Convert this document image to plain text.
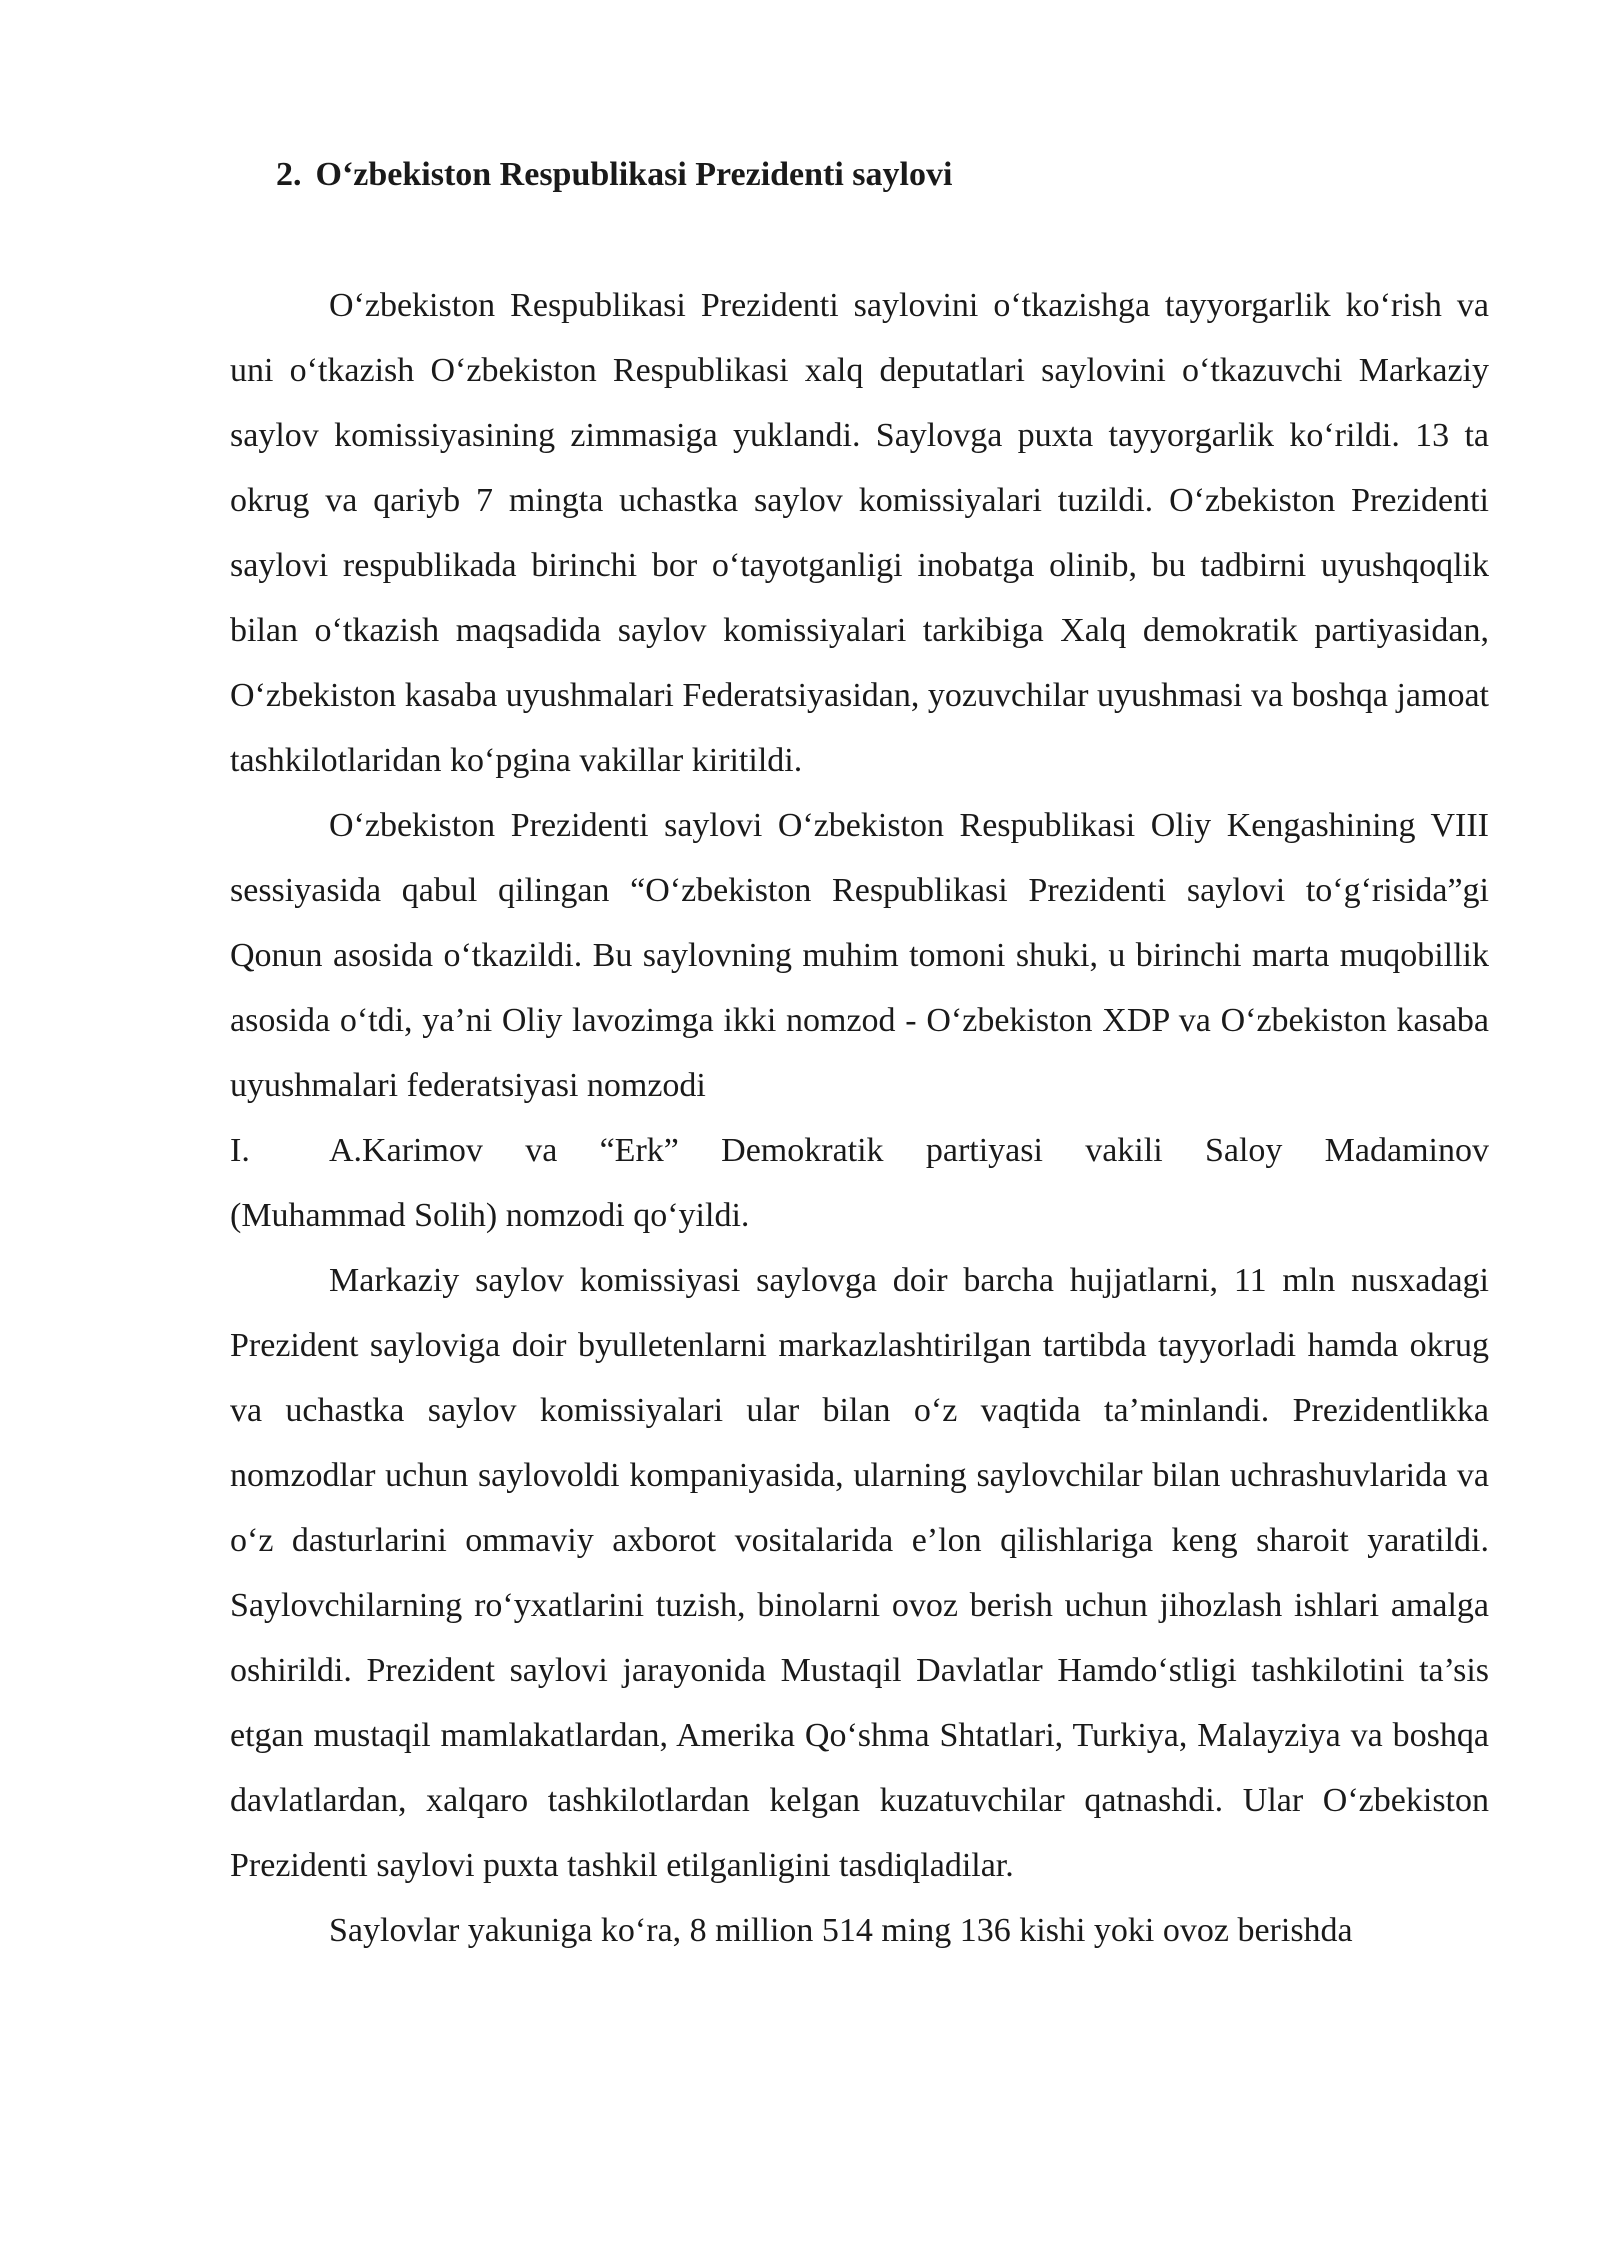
2. O‘zbekiston Respublikasi Prezidenti saylovi

O‘zbekiston Respublikasi Prezidenti saylovini o‘tkazishga tayyorgarlik ko‘rish va uni o‘tkazish O‘zbekiston Respublikasi xalq deputatlari saylovini o‘tkazuvchi Markaziy saylov komissiyasining zimmasiga yuklandi. Saylovga puxta tayyorgarlik ko‘rildi. 13 ta okrug va qariyb 7 mingta uchastka saylov komissiyalari tuzildi. O‘zbekiston Prezidenti saylovi respublikada birinchi bor o‘tayotganligi inobatga olinib, bu tadbirni uyushqoqlik bilan o‘tkazish maqsadida saylov komissiyalari tarkibiga Xalq demokratik partiyasidan, O‘zbekiston kasaba uyushmalari Federatsiyasidan, yozuvchilar uyushmasi va boshqa jamoat tashkilotlaridan ko‘pgina vakillar kiritildi.

O‘zbekiston Prezidenti saylovi O‘zbekiston Respublikasi Oliy Kengashining VIII sessiyasida qabul qilingan “O‘zbekiston Respublikasi Prezidenti saylovi to‘g‘risida”gi Qonun asosida o‘tkazildi. Bu saylovning muhim tomoni shuki, u birinchi marta muqobillik asosida o‘tdi, ya’ni Oliy lavozimga ikki nomzod - O‘zbekiston XDP va O‘zbekiston kasaba uyushmalari federatsiyasi nomzodi

I.	A.Karimov va “Erk” Demokratik partiyasi vakili Saloy Madaminov

(Muhammad Solih) nomzodi qo‘yildi.

Markaziy saylov komissiyasi saylovga doir barcha hujjatlarni, 11 mln nusxadagi Prezident sayloviga doir byulletenlarni markazlashtirilgan tartibda tayyorladi hamda okrug va uchastka saylov komissiyalari ular bilan o‘z vaqtida ta’minlandi. Prezidentlikka nomzodlar uchun saylovoldi kompaniyasida, ularning saylovchilar bilan uchrashuvlarida va o‘z dasturlarini ommaviy axborot vositalarida e’lon qilishlariga keng sharoit yaratildi. Saylovchilarning ro‘yxatlarini tuzish, binolarni ovoz berish uchun jihozlash ishlari amalga oshirildi. Prezident saylovi jarayonida Mustaqil Davlatlar Hamdo‘stligi tashkilotini ta’sis etgan mustaqil mamlakatlardan, Amerika Qo‘shma Shtatlari, Turkiya, Malayziya va boshqa davlatlardan, xalqaro tashkilotlardan kelgan kuzatuvchilar qatnashdi. Ular O‘zbekiston Prezidenti saylovi puxta tashkil etilganligini tasdiqladilar.

Saylovlar yakuniga ko‘ra, 8 million 514 ming 136 kishi yoki ovoz berishda
